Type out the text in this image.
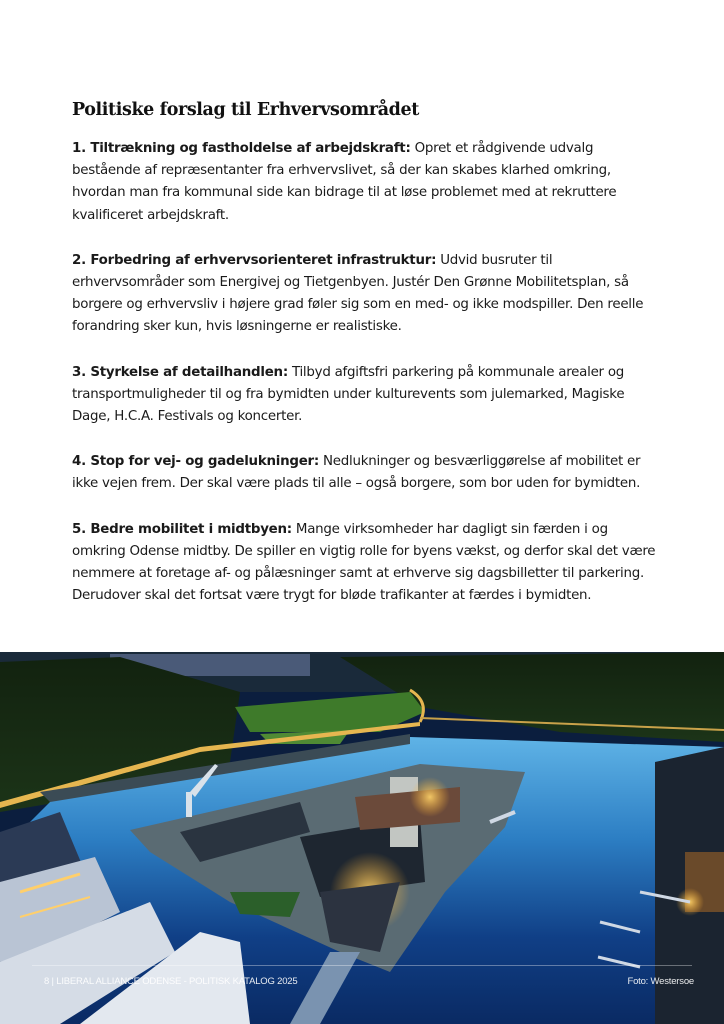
Politiske forslag til Erhvervsområdet

1. Tiltrækning og fastholdelse af arbejdskraft: Opret et rådgivende udvalg bestående af repræsentanter fra erhvervslivet, så der kan skabes klarhed omkring, hvordan man fra kommunal side kan bidrage til at løse problemet med at rekruttere kvalificeret arbejdskraft.

2. Forbedring af erhvervsorienteret infrastruktur: Udvid busruter til erhvervsområder som Energivej og Tietgenbyen. Justér Den Grønne Mobilitetsplan, så borgere og erhvervsliv i højere grad føler sig som en med- og ikke modspiller. Den reelle forandring sker kun, hvis løsningerne er realistiske.

3. Styrkelse af detailhandlen: Tilbyd afgiftsfri parkering på kommunale arealer og transportmuligheder til og fra bymidten under kulturevents som julemarked, Magiske Dage, H.C.A. Festivals og koncerter.

4. Stop for vej- og gadelukninger: Nedlukninger og besværliggørelse af mobilitet er ikke vejen frem. Der skal være plads til alle – også borgere, som bor uden for bymidten.

5. Bedre mobilitet i midtbyen: Mange virksomheder har dagligt sin færden i og omkring Odense midtby. De spiller en vigtig rolle for byens vækst, og derfor skal det være nemmere at foretage af- og pålæsninger samt at erhverve sig dagsbilletter til parkering. Derudover skal det fortsat være trygt for bløde trafikanter at færdes i bymidten.

8 | LIBERAL ALLIANCE ODENSE - POLITISK KATALOG 2025	Foto: Westersoe
